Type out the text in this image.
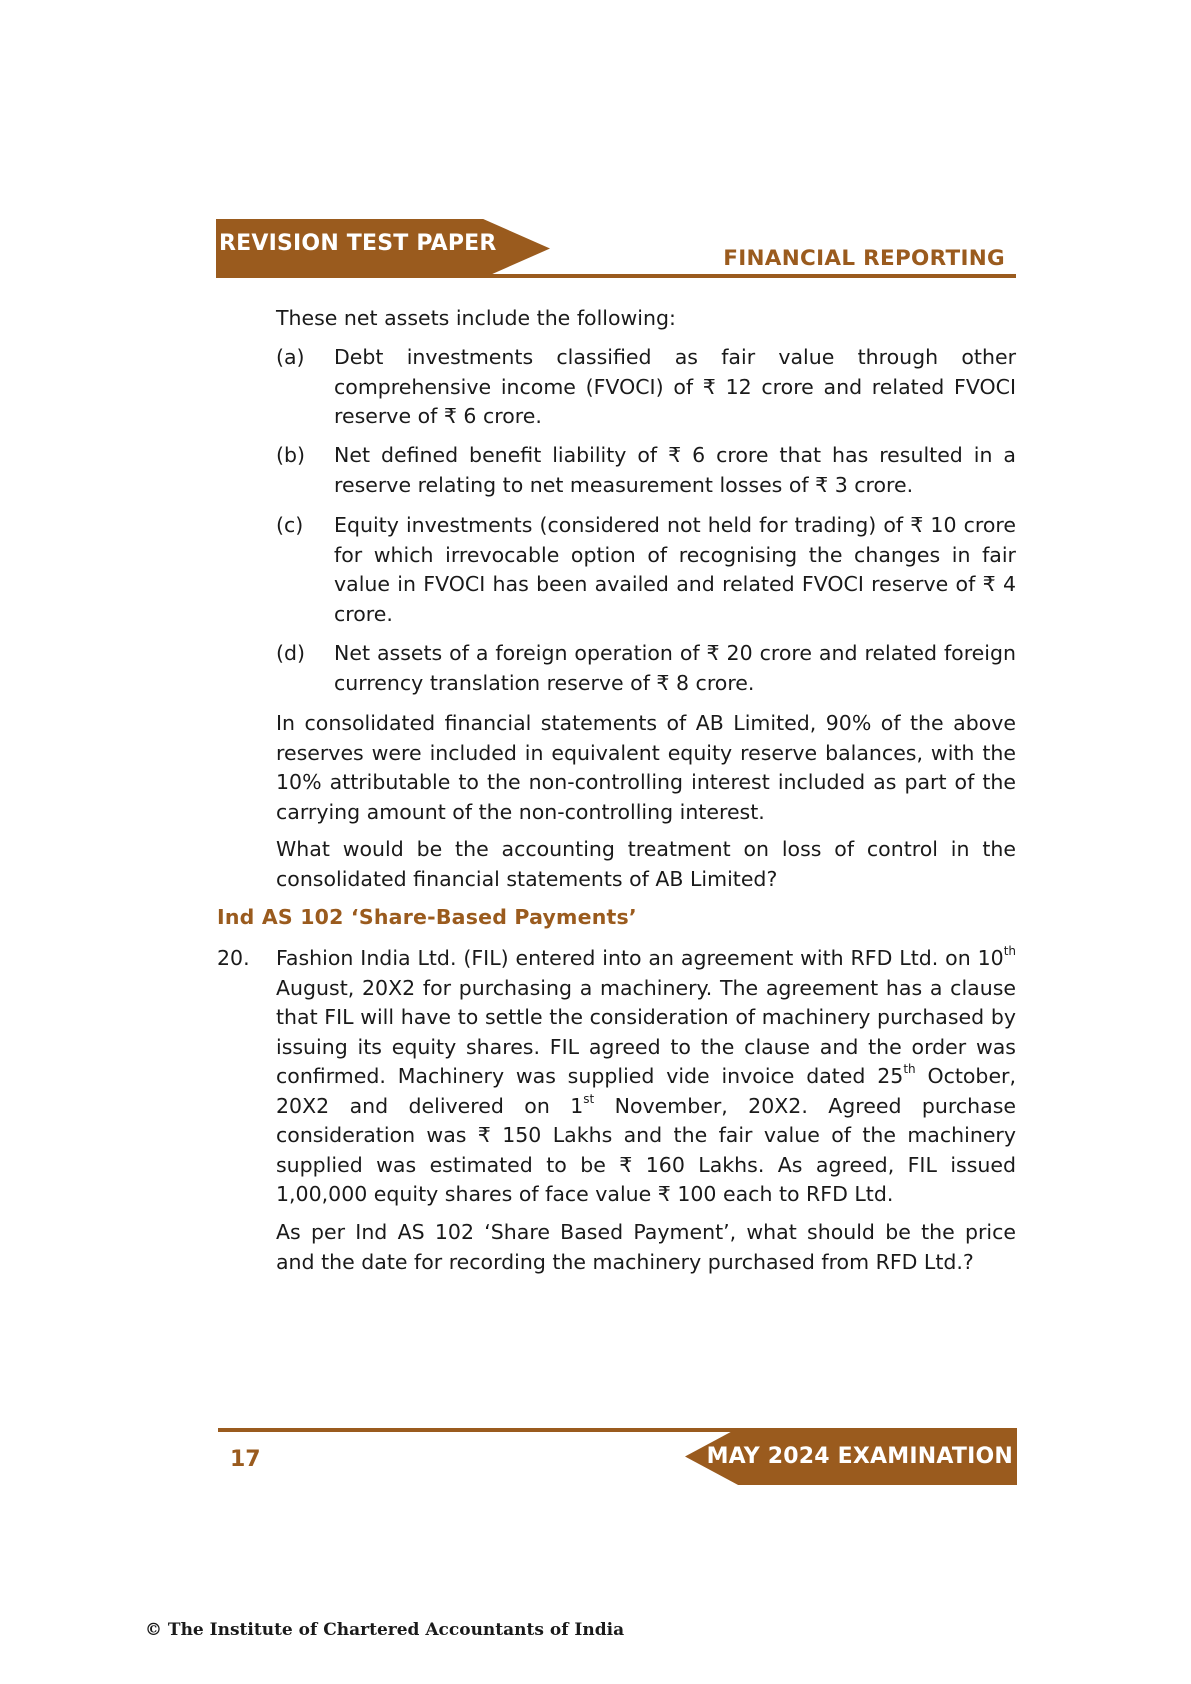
REVISION TEST PAPER
FINANCIAL REPORTING
These net assets include the following:
(a) Debt investments classified as fair value through other comprehensive income (FVOCI) of ₹ 12 crore and related FVOCI reserve of ₹ 6 crore.
(b) Net defined benefit liability of ₹ 6 crore that has resulted in a reserve relating to net measurement losses of ₹ 3 crore.
(c) Equity investments (considered not held for trading) of ₹ 10 crore for which irrevocable option of recognising the changes in fair value in FVOCI has been availed and related FVOCI reserve of ₹ 4 crore.
(d) Net assets of a foreign operation of ₹ 20 crore and related foreign currency translation reserve of ₹ 8 crore.
In consolidated financial statements of AB Limited, 90% of the above reserves were included in equivalent equity reserve balances, with the 10% attributable to the non-controlling interest included as part of the carrying amount of the non-controlling interest.
What would be the accounting treatment on loss of control in the consolidated financial statements of AB Limited?
Ind AS 102 ‘Share-Based Payments’
20. Fashion India Ltd. (FIL) entered into an agreement with RFD Ltd. on 10th August, 20X2 for purchasing a machinery. The agreement has a clause that FIL will have to settle the consideration of machinery purchased by issuing its equity shares. FIL agreed to the clause and the order was confirmed. Machinery was supplied vide invoice dated 25th October, 20X2 and delivered on 1st November, 20X2. Agreed purchase consideration was ₹ 150 Lakhs and the fair value of the machinery supplied was estimated to be ₹ 160 Lakhs. As agreed, FIL issued 1,00,000 equity shares of face value ₹ 100 each to RFD Ltd.
As per Ind AS 102 ‘Share Based Payment’, what should be the price and the date for recording the machinery purchased from RFD Ltd.?
17	MAY 2024 EXAMINATION
© The Institute of Chartered Accountants of India
